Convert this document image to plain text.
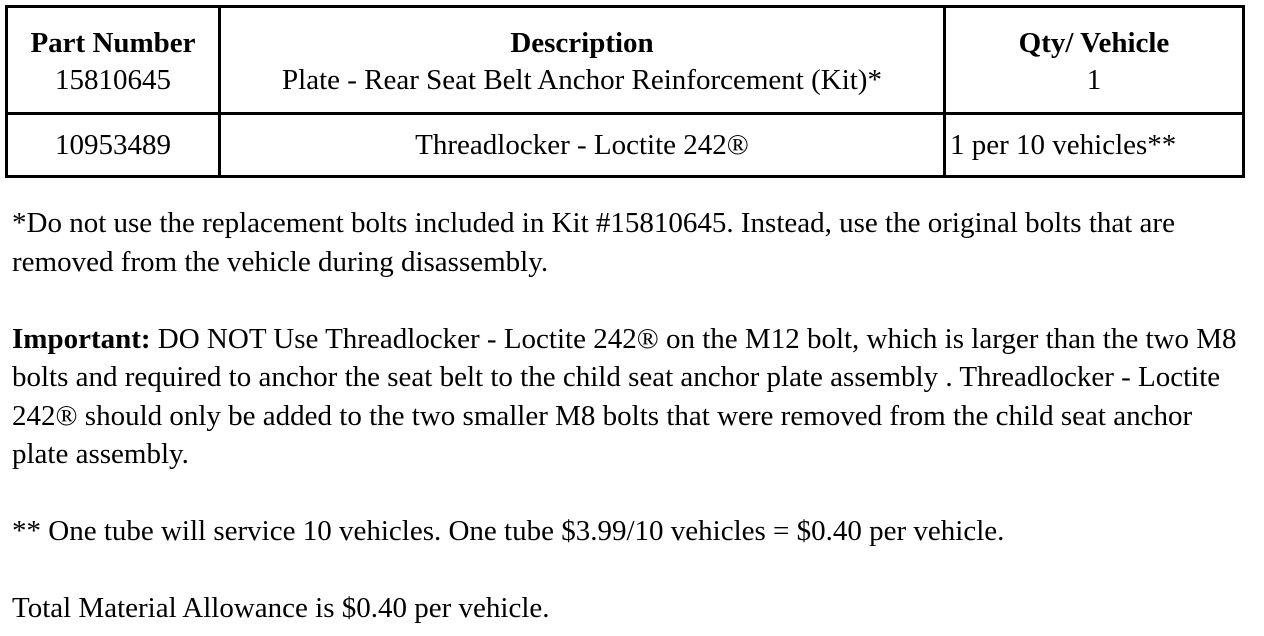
Part Number	Description	Qty/ Vehicle
15810645	Plate - Rear Seat Belt Anchor Reinforcement (Kit)*	1
10953489	Threadlocker - Loctite 242®	1 per 10 vehicles**

*Do not use the replacement bolts included in Kit #15810645. Instead, use the original bolts that are removed from the vehicle during disassembly.

Important: DO NOT Use Threadlocker - Loctite 242® on the M12 bolt, which is larger than the two M8 bolts and required to anchor the seat belt to the child seat anchor plate assembly . Threadlocker - Loctite 242® should only be added to the two smaller M8 bolts that were removed from the child seat anchor plate assembly.

** One tube will service 10 vehicles. One tube $3.99/10 vehicles = $0.40 per vehicle.

Total Material Allowance is $0.40 per vehicle.
